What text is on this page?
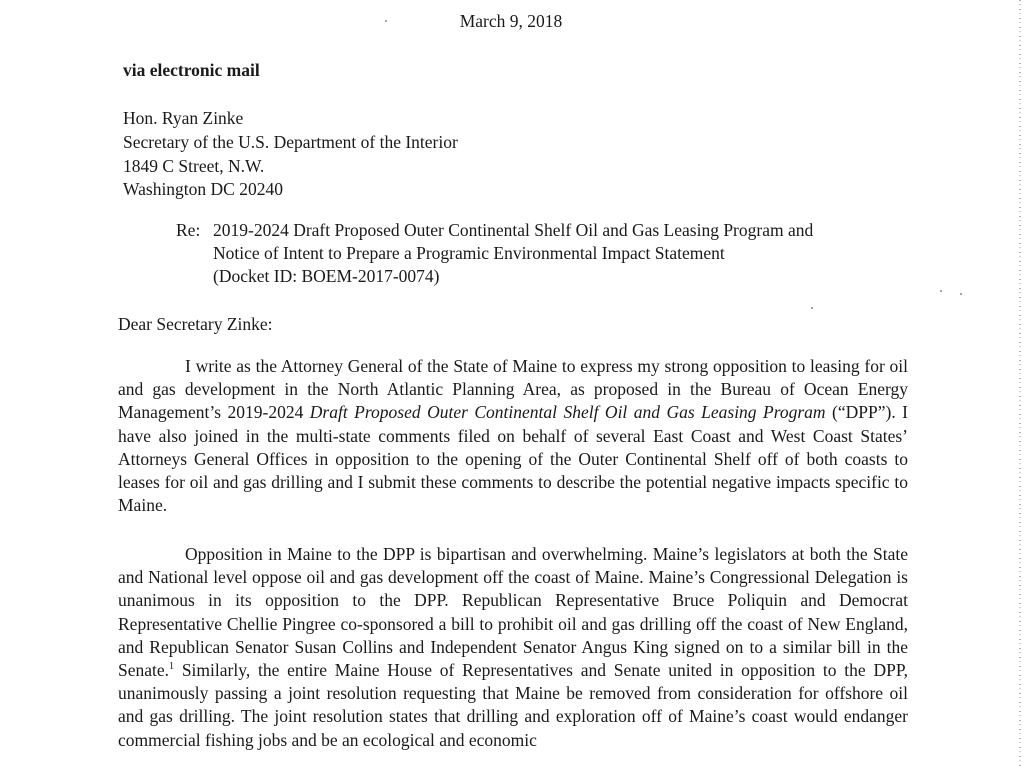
March 9, 2018
via electronic mail
Hon. Ryan Zinke
Secretary of the U.S. Department of the Interior
1849 C Street, N.W.
Washington DC 20240
Re: 2019-2024 Draft Proposed Outer Continental Shelf Oil and Gas Leasing Program and
Notice of Intent to Prepare a Programic Environmental Impact Statement
(Docket ID: BOEM-2017-0074)
Dear Secretary Zinke:

I write as the Attorney General of the State of Maine to express my strong opposition to leasing for oil and gas development in the North Atlantic Planning Area, as proposed in the Bureau of Ocean Energy Management’s 2019-2024 Draft Proposed Outer Continental Shelf Oil and Gas Leasing Program (“DPP”). I have also joined in the multi-state comments filed on behalf of several East Coast and West Coast States’ Attorneys General Offices in opposition to the opening of the Outer Continental Shelf off of both coasts to leases for oil and gas drilling and I submit these comments to describe the potential negative impacts specific to Maine.

Opposition in Maine to the DPP is bipartisan and overwhelming. Maine’s legislators at both the State and National level oppose oil and gas development off the coast of Maine. Maine’s Congressional Delegation is unanimous in its opposition to the DPP. Republican Representative Bruce Poliquin and Democrat Representative Chellie Pingree co-sponsored a bill to prohibit oil and gas drilling off the coast of New England, and Republican Senator Susan Collins and Independent Senator Angus King signed on to a similar bill in the Senate.$^1$ Similarly, the entire Maine House of Representatives and Senate united in opposition to the DPP, unanimously passing a joint resolution requesting that Maine be removed from consideration for offshore oil and gas drilling. The joint resolution states that drilling and exploration off of Maine’s coast would endanger commercial fishing jobs and be an ecological and economic
